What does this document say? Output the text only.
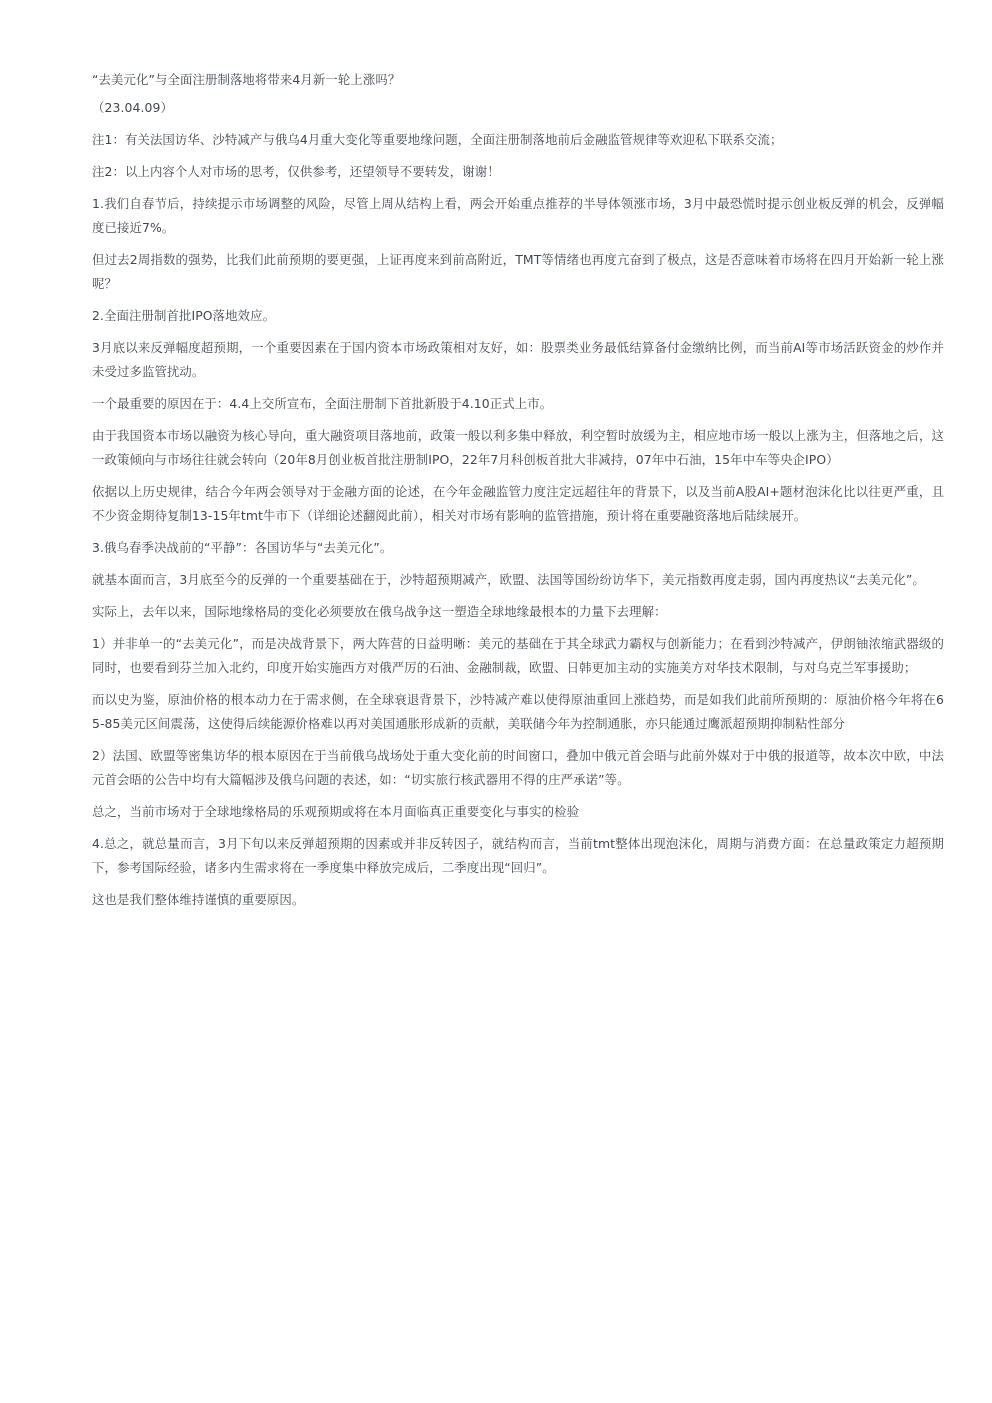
“去美元化”与全面注册制落地将带来4月新一轮上涨吗？

（23.04.09）

注1：有关法国访华、沙特减产与俄乌4月重大变化等重要地缘问题，全面注册制落地前后金融监管规律等欢迎私下联系交流；

注2：以上内容个人对市场的思考，仅供参考，还望领导不要转发，谢谢！

1.我们自春节后，持续提示市场调整的风险，尽管上周从结构上看，两会开始重点推荐的半导体领涨市场，3月中最恐慌时提示创业板反弹的机会，反弹幅度已接近7%。

但过去2周指数的强势，比我们此前预期的要更强，上证再度来到前高附近，TMT等情绪也再度亢奋到了极点，这是否意味着市场将在四月开始新一轮上涨呢？

2.全面注册制首批IPO落地效应。

3月底以来反弹幅度超预期，一个重要因素在于国内资本市场政策相对友好，如：股票类业务最低结算备付金缴纳比例，而当前AI等市场活跃资金的炒作并未受过多监管扰动。

一个最重要的原因在于：4.4上交所宣布，全面注册制下首批新股于4.10正式上市。

由于我国资本市场以融资为核心导向，重大融资项目落地前，政策一般以利多集中释放，利空暂时放缓为主，相应地市场一般以上涨为主，但落地之后，这一政策倾向与市场往往就会转向（20年8月创业板首批注册制IPO，22年7月科创板首批大非减持，07年中石油，15年中车等央企IPO）

依据以上历史规律，结合今年两会领导对于金融方面的论述，在今年金融监管力度注定远超往年的背景下，以及当前A股AI+题材泡沫化比以往更严重，且不少资金期待复制13-15年tmt牛市下（详细论述翻阅此前），相关对市场有影响的监管措施，预计将在重要融资落地后陆续展开。

3.俄乌春季决战前的“平静”：各国访华与“去美元化”。

就基本面而言，3月底至今的反弹的一个重要基础在于，沙特超预期减产，欧盟、法国等国纷纷访华下，美元指数再度走弱，国内再度热议“去美元化”。

实际上，去年以来，国际地缘格局的变化必须要放在俄乌战争这一塑造全球地缘最根本的力量下去理解：

1）并非单一的“去美元化”，而是决战背景下，两大阵营的日益明晰：美元的基础在于其全球武力霸权与创新能力；在看到沙特减产，伊朗铀浓缩武器级的同时，也要看到芬兰加入北约，印度开始实施西方对俄严厉的石油、金融制裁，欧盟、日韩更加主动的实施美方对华技术限制，与对乌克兰军事援助；

而以史为鉴，原油价格的根本动力在于需求侧，在全球衰退背景下，沙特减产难以使得原油重回上涨趋势，而是如我们此前所预期的：原油价格今年将在65-85美元区间震荡，这使得后续能源价格难以再对美国通胀形成新的贡献，美联储今年为控制通胀，亦只能通过鹰派超预期抑制粘性部分

2）法国、欧盟等密集访华的根本原因在于当前俄乌战场处于重大变化前的时间窗口，叠加中俄元首会晤与此前外媒对于中俄的报道等，故本次中欧，中法元首会晤的公告中均有大篇幅涉及俄乌问题的表述，如：“切实旅行核武器用不得的庄严承诺”等。

总之，当前市场对于全球地缘格局的乐观预期或将在本月面临真正重要变化与事实的检验

4.总之，就总量而言，3月下旬以来反弹超预期的因素或并非反转因子，就结构而言，当前tmt整体出现泡沫化，周期与消费方面：在总量政策定力超预期下，参考国际经验，诸多内生需求将在一季度集中释放完成后，二季度出现“回归”。

这也是我们整体维持谨慎的重要原因。
